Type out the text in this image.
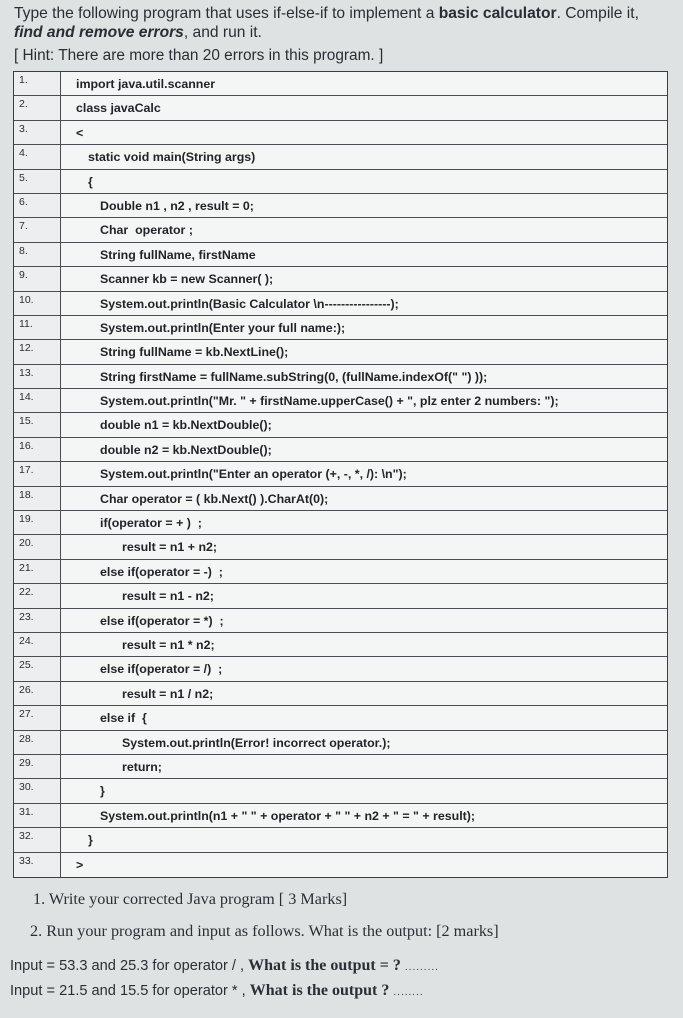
Type the following program that uses if-else-if to implement a basic calculator. Compile it,
find and remove errors, and run it.
[ Hint: There are more than 20 errors in this program. ]
1.	import java.util.scanner
2.	class javaCalc
3.	<
4.	static void main(String args)
5.	{
6.	Double n1 , n2 , result = 0;
7.	Char  operator ;
8.	String fullName, firstName
9.	Scanner kb = new Scanner( );
10.	System.out.println(Basic Calculator \n----------------);
11.	System.out.println(Enter your full name:);
12.	String fullName = kb.NextLine();
13.	String firstName = fullName.subString(0, (fullName.indexOf(" ") ));
14.	System.out.println("Mr. " + firstName.upperCase() + ", plz enter 2 numbers: ");
15.	double n1 = kb.NextDouble();
16.	double n2 = kb.NextDouble();
17.	System.out.println("Enter an operator (+, -, *, /): \n");
18.	Char operator = ( kb.Next() ).CharAt(0);
19.	if(operator = + )  ;
20.	result = n1 + n2;
21.	else if(operator = -)  ;
22.	result = n1 - n2;
23.	else if(operator = *)  ;
24.	result = n1 * n2;
25.	else if(operator = /)  ;
26.	result = n1 / n2;
27.	else if  {
28.	System.out.println(Error! incorrect operator.);
29.	return;
30.	}
31.	System.out.println(n1 + " " + operator + " " + n2 + " = " + result);
32.	}
33.	>
1. Write your corrected Java program [ 3 Marks]
2. Run your program and input as follows. What is the output: [2 marks]
Input = 53.3 and 25.3 for operator / , What is the output = ? .........
Input = 21.5 and 15.5 for operator * , What is the output ? ........
